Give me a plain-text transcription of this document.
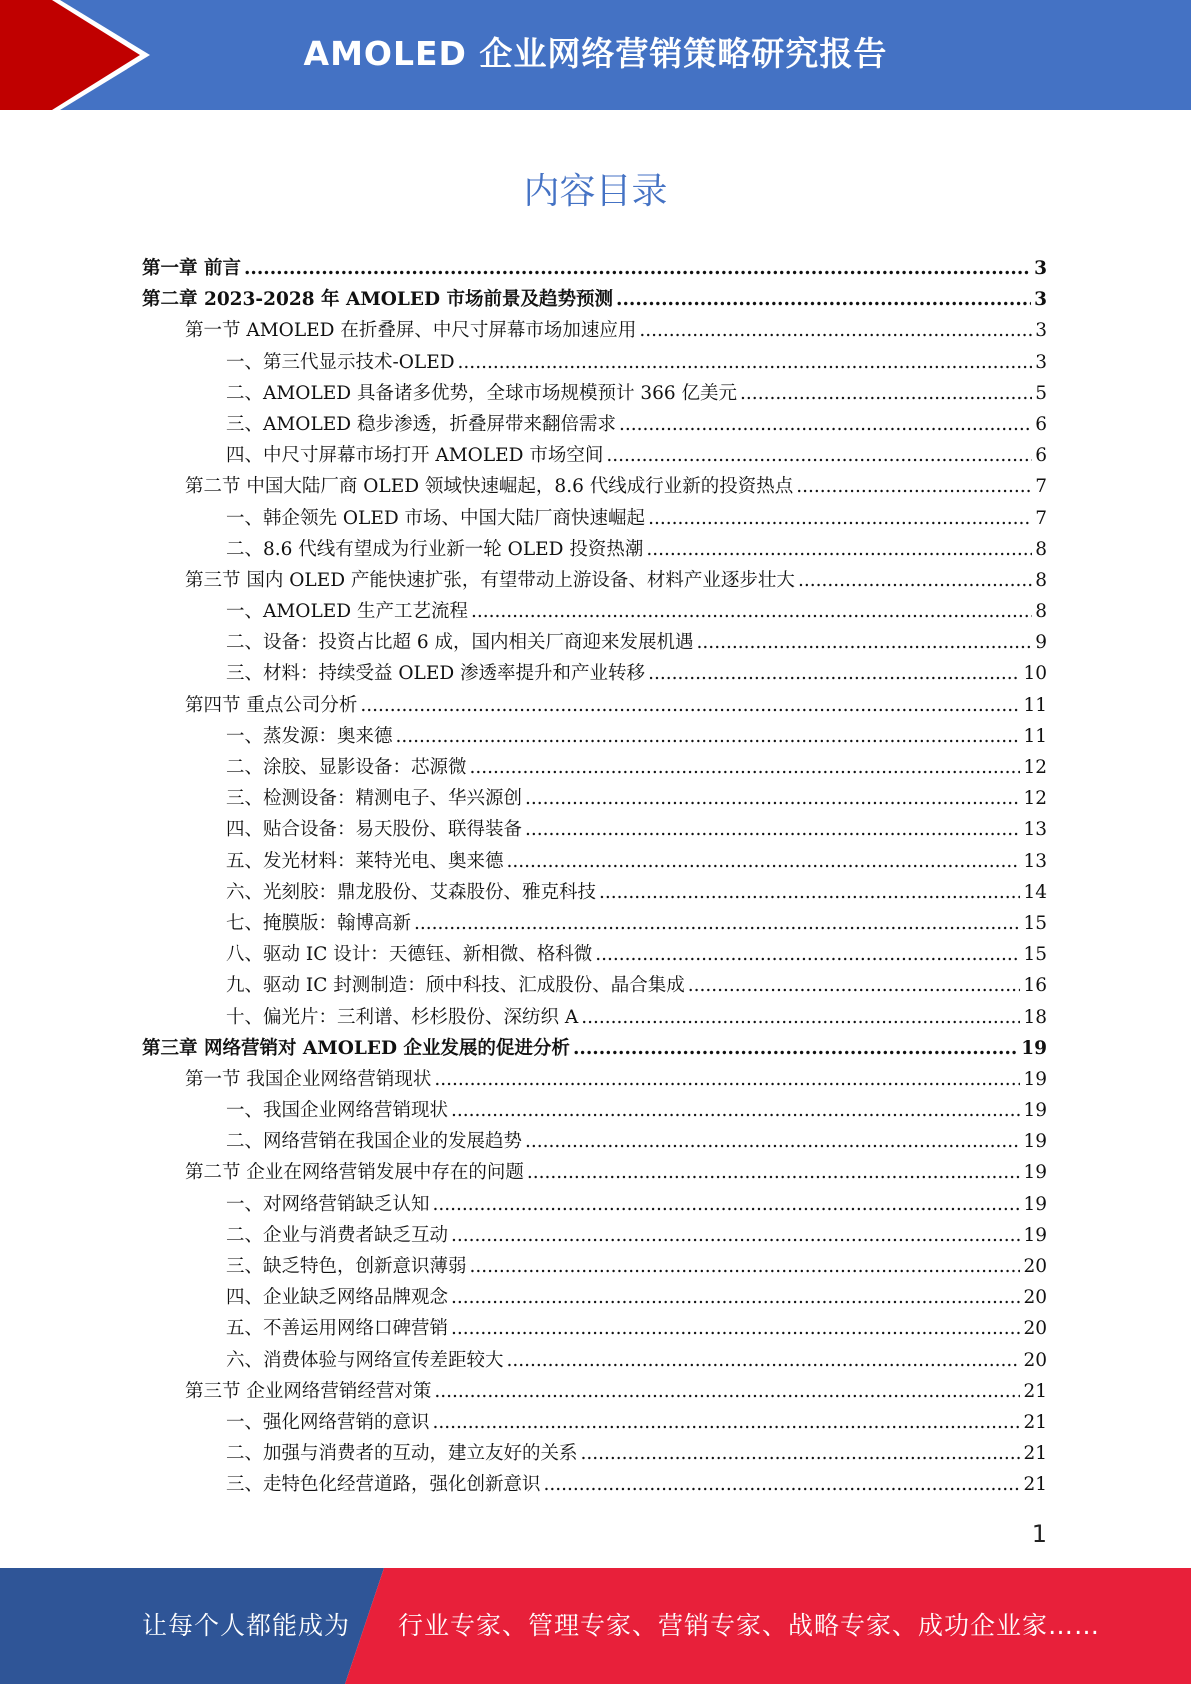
AMOLED 企业网络营销策略研究报告
内容目录
第一章 前言 .....	3
第二章 2023-2028 年 AMOLED 市场前景及趋势预测 .....	3
第一节 AMOLED 在折叠屏、中尺寸屏幕市场加速应用 .....	3
一、第三代显示技术-OLED .....	3
二、AMOLED 具备诸多优势，全球市场规模预计 366 亿美元 .....	5
三、AMOLED 稳步渗透，折叠屏带来翻倍需求 .....	6
四、中尺寸屏幕市场打开 AMOLED 市场空间 .....	6
第二节 中国大陆厂商 OLED 领域快速崛起，8.6 代线成行业新的投资热点 .....	7
一、韩企领先 OLED 市场、中国大陆厂商快速崛起 .....	7
二、8.6 代线有望成为行业新一轮 OLED 投资热潮 .....	8
第三节 国内 OLED 产能快速扩张，有望带动上游设备、材料产业逐步壮大 .....	8
一、AMOLED 生产工艺流程 .....	8
二、设备：投资占比超 6 成，国内相关厂商迎来发展机遇 .....	9
三、材料：持续受益 OLED 渗透率提升和产业转移 .....	10
第四节 重点公司分析 .....	11
一、蒸发源：奥来德 .....	11
二、涂胶、显影设备：芯源微 .....	12
三、检测设备：精测电子、华兴源创 .....	12
四、贴合设备：易天股份、联得装备 .....	13
五、发光材料：莱特光电、奥来德 .....	13
六、光刻胶：鼎龙股份、艾森股份、雅克科技 .....	14
七、掩膜版：翰博高新 .....	15
八、驱动 IC 设计：天德钰、新相微、格科微 .....	15
九、驱动 IC 封测制造：颀中科技、汇成股份、晶合集成 .....	16
十、偏光片：三利谱、杉杉股份、深纺织 A .....	18
第三章 网络营销对 AMOLED 企业发展的促进分析 .....	19
第一节 我国企业网络营销现状 .....	19
一、我国企业网络营销现状 .....	19
二、网络营销在我国企业的发展趋势 .....	19
第二节 企业在网络营销发展中存在的问题 .....	19
一、对网络营销缺乏认知 .....	19
二、企业与消费者缺乏互动 .....	19
三、缺乏特色，创新意识薄弱 .....	20
四、企业缺乏网络品牌观念 .....	20
五、不善运用网络口碑营销 .....	20
六、消费体验与网络宣传差距较大 .....	20
第三节 企业网络营销经营对策 .....	21
一、强化网络营销的意识 .....	21
二、加强与消费者的互动，建立友好的关系 .....	21
三、走特色化经营道路，强化创新意识 .....	21
1
让每个人都能成为 行业专家、管理专家、营销专家、战略专家、成功企业家……
